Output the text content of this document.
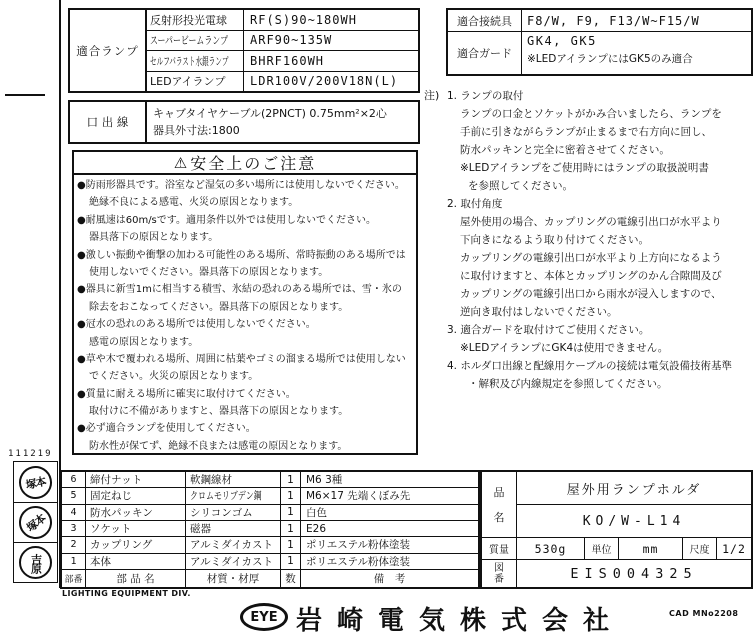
適合ランプ
反射形投光電球	RF(S)90~180WH
スーパービームランプ	ARF90~135W
セルフバラスト水銀ランプ	BHRF160WH
LEDアイランプ	LDR100V/200V18N(L)
口 出 線
キャブタイヤケーブル(2PNCT) 0.75mm²×2心
器具外寸法:1800
適合接続具	F8/W, F9, F13/W~F15/W
適合ガード
GK4, GK5
※LEDアイランプにはGK5のみ適合
⚠ 安全上のご注意
●防雨形器具です。浴室など湿気の多い場所には使用しないでください。
絶縁不良による感電、火災の原因となります。
●耐風速は60m/sです。適用条件以外では使用しないでください。
器具落下の原因となります。
●激しい振動や衝撃の加わる可能性のある場所、常時振動のある場所では
使用しないでください。器具落下の原因となります。
●器具に新雪1mに相当する積雪、氷結の恐れのある場所では、雪・氷の
除去をおこなってください。器具落下の原因となります。
●冠水の恐れのある場所では使用しないでください。
感電の原因となります。
●草や木で覆われる場所、周囲に枯葉やゴミの溜まる場所では使用しない
でください。火災の原因となります。
●質量に耐える場所に確実に取付けてください。
取付けに不備がありますと、器具落下の原因となります。
●必ず適合ランプを使用してください。
防水性が保てず、絶縁不良または感電の原因となります。
注) 1. ランプの取付
ランプの口金とソケットがかみ合いましたら、ランプを
手前に引きながらランプが止まるまで右方向に回し、
防水パッキンと完全に密着させてください。
※LEDアイランプをご使用時にはランプの取扱説明書
を参照してください。
2. 取付角度
屋外使用の場合、カップリングの電線引出口が水平より
下向きになるよう取り付けてください。
カップリングの電線引出口が水平より上方向になるよう
に取付けますと、本体とカップリングのかん合隙間及び
カップリングの電線引出口から雨水が浸入しますので、
逆向き取付はしないでください。
3. 適合ガードを取付けてご使用ください。
※LEDアイランプにGK4は使用できません。
4. ホルダ口出線と配線用ケーブルの接続は電気設備技術基準
・解釈及び内線規定を参照してください。
111219
塚本
塚本
吉原
6	締付ナット	軟鋼線材	1	M6 3種
5	固定ねじ	クロムモリブデン鋼	1	M6×17 先端くぼみ先
4	防水パッキン	シリコンゴム	1	白色
3	ソケット	磁器	1	E26
2	カップリング	アルミダイカスト	1	ポリエステル粉体塗装
1	本体	アルミダイカスト	1	ポリエステル粉体塗装
部番	部 品 名	材質・材厚	数	備　考
品
名
屋外用ランプホルダ
KO/W-L14
質量	530g	単位	mm	尺度	1/2
図
番	EIS004325
LIGHTING EQUIPMENT DIV.
EYE 岩崎電気株式会社	CAD MNo2208
